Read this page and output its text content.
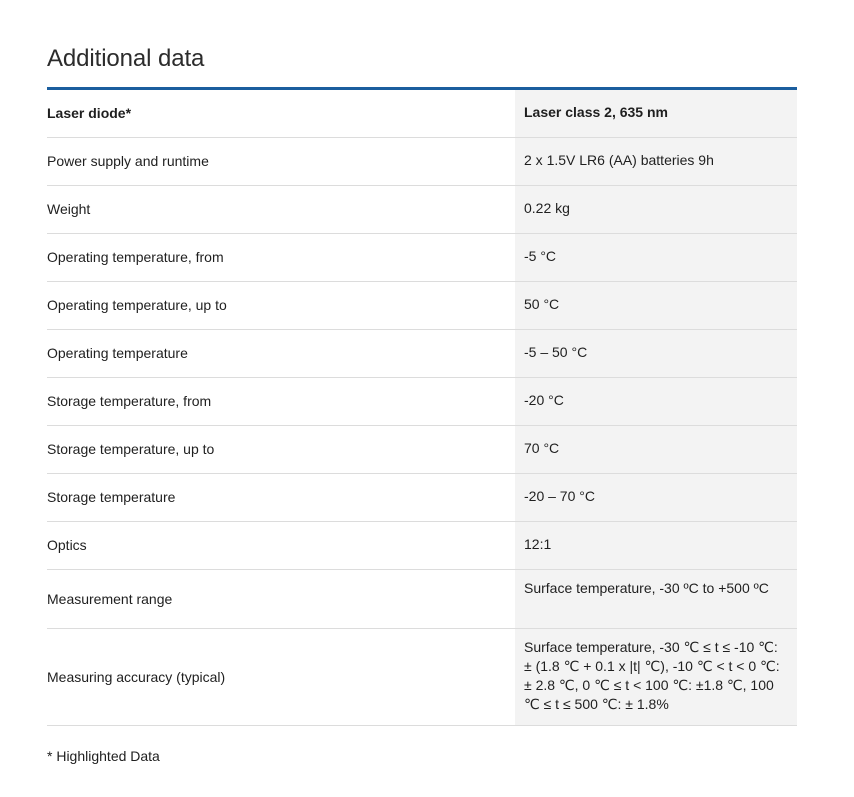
Additional data
Laser diode*	Laser class 2, 635 nm
Power supply and runtime	2 x 1.5V LR6 (AA) batteries 9h
Weight	0.22 kg
Operating temperature, from	-5 °C
Operating temperature, up to	50 °C
Operating temperature	-5 – 50 °C
Storage temperature, from	-20 °C
Storage temperature, up to	70 °C
Storage temperature	-20 – 70 °C
Optics	12:1
Measurement range	Surface temperature, -30 ºC to +500 ºC
Measuring accuracy (typical)	Surface temperature, -30 ℃ ≤ t ≤ -10 ℃: ± (1.8 ℃ + 0.1 x |t| ℃), -10 ℃ < t < 0 ℃: ± 2.8 ℃, 0 ℃ ≤ t < 100 ℃: ±1.8 ℃, 100 ℃ ≤ t ≤ 500 ℃: ± 1.8%
* Highlighted Data
